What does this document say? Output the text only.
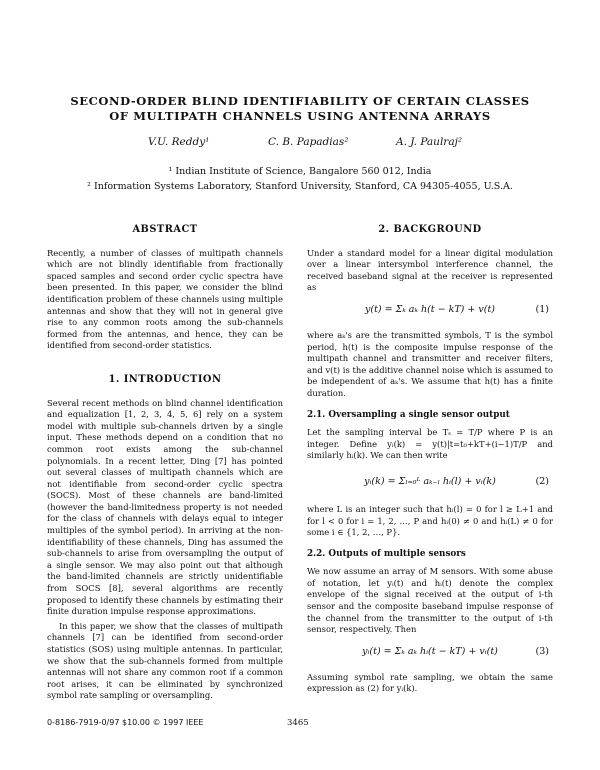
SECOND-ORDER BLIND IDENTIFIABILITY OF CERTAIN CLASSES
OF MULTIPATH CHANNELS USING ANTENNA ARRAYS
V.U. Reddy¹	C. B. Papadias²	A. J. Paulraj²
¹ Indian Institute of Science, Bangalore 560 012, India
² Information Systems Laboratory, Stanford University, Stanford, CA 94305-4055, U.S.A.
ABSTRACT

Recently, a number of classes of multipath channels which are not blindly identifiable from fractionally spaced samples and second order cyclic spectra have been presented. In this paper, we consider the blind identification problem of these channels using multiple antennas and show that they will not in general give rise to any common roots among the sub-channels formed from the antennas, and hence, they can be identified from second-order statistics.

1. INTRODUCTION

Several recent methods on blind channel identification and equalization [1, 2, 3, 4, 5, 6] rely on a system model with multiple sub-channels driven by a single input. These methods depend on a condition that no common root exists among the sub-channel polynomials. In a recent letter, Ding [7] has pointed out several classes of multipath channels which are not identifiable from second-order cyclic spectra (SOCS). Most of these channels are band-limited (however the band-limitedness property is not needed for the class of channels with delays equal to integer multiples of the symbol period). In arriving at the non-identifiability of these channels, Ding has assumed the sub-channels to arise from oversampling the output of a single sensor. We may also point out that although the band-limited channels are strictly unidentifiable from SOCS [8], several algorithms are recently proposed to identify these channels by estimating their finite duration impulse response approximations.

In this paper, we show that the classes of multipath channels [7] can be identified from second-order statistics (SOS) using multiple antennas. In particular, we show that the sub-channels formed from multiple antennas will not share any common root if a common root arises, it can be eliminated by synchronized symbol rate sampling or oversampling.

2. BACKGROUND

Under a standard model for a linear digital modulation over a linear intersymbol interference channel, the received baseband signal at the receiver is represented as

y(t) = Σₖ aₖ h(t − kT) + v(t)	(1)

where aₖ's are the transmitted symbols, T is the symbol period, h(t) is the composite impulse response of the multipath channel and transmitter and receiver filters, and v(t) is the additive channel noise which is assumed to be independent of aₖ's. We assume that h(t) has a finite duration.

2.1. Oversampling a single sensor output

Let the sampling interval be Tₛ = T/P where P is an integer. Define yᵢ(k) = y(t)|t=t₀+kT+(i−1)T/P and similarly hᵢ(k). We can then write

yᵢ(k) = Σₗ₌₀ᴸ aₖ₋ₗ hᵢ(l) + vᵢ(k)	(2)

where L is an integer such that hᵢ(l) = 0 for l ≥ L+1 and for l < 0 for i = 1, 2, …, P and hᵢ(0) ≠ 0 and hᵢ(L) ≠ 0 for some i ∈ {1, 2, …, P}.

2.2. Outputs of multiple sensors

We now assume an array of M sensors. With some abuse of notation, let yᵢ(t) and hᵢ(t) denote the complex envelope of the signal received at the output of i-th sensor and the composite baseband impulse response of the channel from the transmitter to the output of i-th sensor, respectively. Then

yᵢ(t) = Σₖ aₖ hᵢ(t − kT) + vᵢ(t)	(3)

Assuming symbol rate sampling, we obtain the same expression as (2) for yᵢ(k).

0-8186-7919-0/97 $10.00 © 1997 IEEE	3465
